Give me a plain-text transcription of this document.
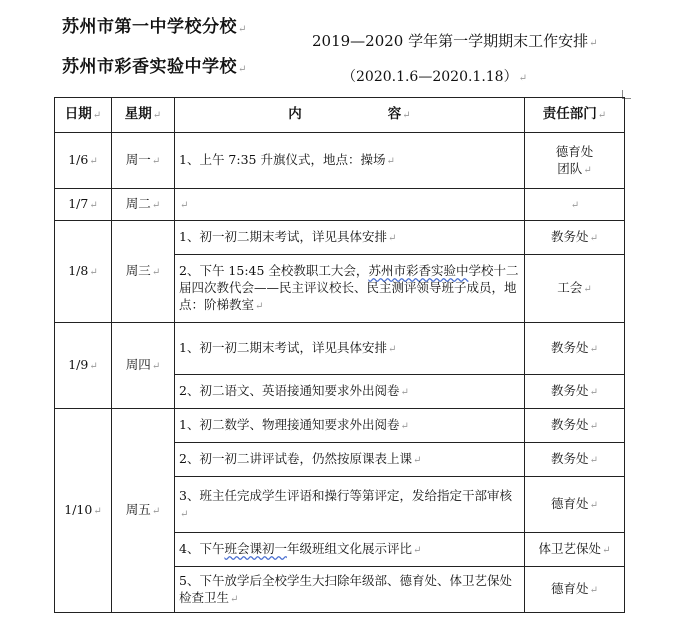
苏州市第一中学校分校↵
苏州市彩香实验中学校↵
2019—2020 学年第一学期期末工作安排↵
（2020.1.6—2020.1.18）↵
日期↵	星期↵	内 容↵	责任部门↵
1/6↵	周一↵	1、上午 7:35 升旗仪式，地点：操场↵	德育处
团队↵
1/7↵	周二↵	↵	↵
1/8↵	周三↵	1、初一初二期末考试，详见具体安排↵	教务处↵
		2、下午 15:45 全校教职工大会，苏州市彩香实验中学校十二届四次教代会——民主评议校长、民主测评领导班子成员，地点：阶梯教室↵	工会↵
1/9↵	周四↵	1、初一初二期末考试，详见具体安排↵	教务处↵
		2、初二语文、英语接通知要求外出阅卷↵	教务处↵
1/10↵	周五↵	1、初二数学、物理接通知要求外出阅卷↵	教务处↵
		2、初一初二讲评试卷，仍然按原课表上课↵	教务处↵
		3、班主任完成学生评语和操行等第评定，发给指定干部审核↵	德育处↵
		4、下午班会课初一年级班组文化展示评比↵	体卫艺保处↵
		5、下午放学后全校学生大扫除年级部、德育处、体卫艺保处检查卫生↵	德育处↵
